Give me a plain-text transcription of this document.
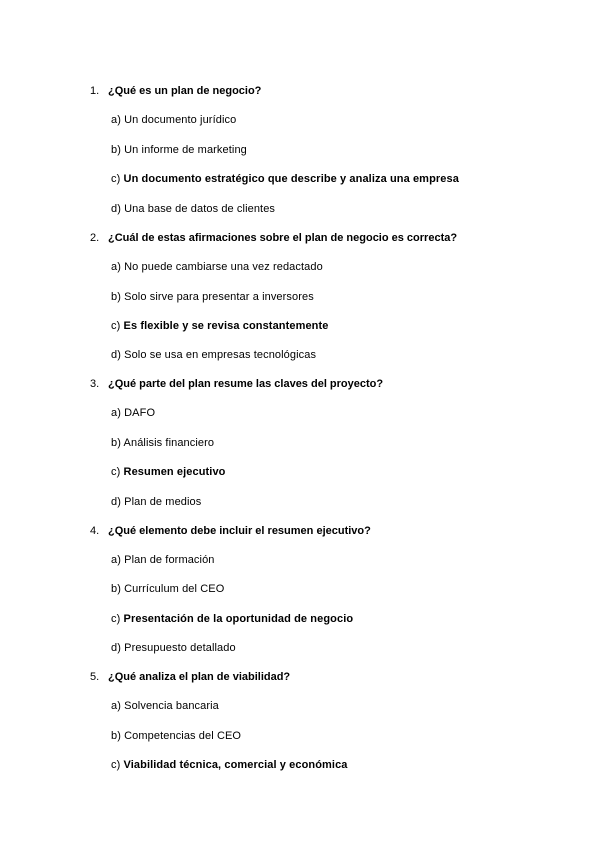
1. ¿Qué es un plan de negocio?
a) Un documento jurídico
b) Un informe de marketing
c) Un documento estratégico que describe y analiza una empresa
d) Una base de datos de clientes
2. ¿Cuál de estas afirmaciones sobre el plan de negocio es correcta?
a) No puede cambiarse una vez redactado
b) Solo sirve para presentar a inversores
c) Es flexible y se revisa constantemente
d) Solo se usa en empresas tecnológicas
3. ¿Qué parte del plan resume las claves del proyecto?
a) DAFO
b) Análisis financiero
c) Resumen ejecutivo
d) Plan de medios
4. ¿Qué elemento debe incluir el resumen ejecutivo?
a) Plan de formación
b) Currículum del CEO
c) Presentación de la oportunidad de negocio
d) Presupuesto detallado
5. ¿Qué analiza el plan de viabilidad?
a) Solvencia bancaria
b) Competencias del CEO
c) Viabilidad técnica, comercial y económica
